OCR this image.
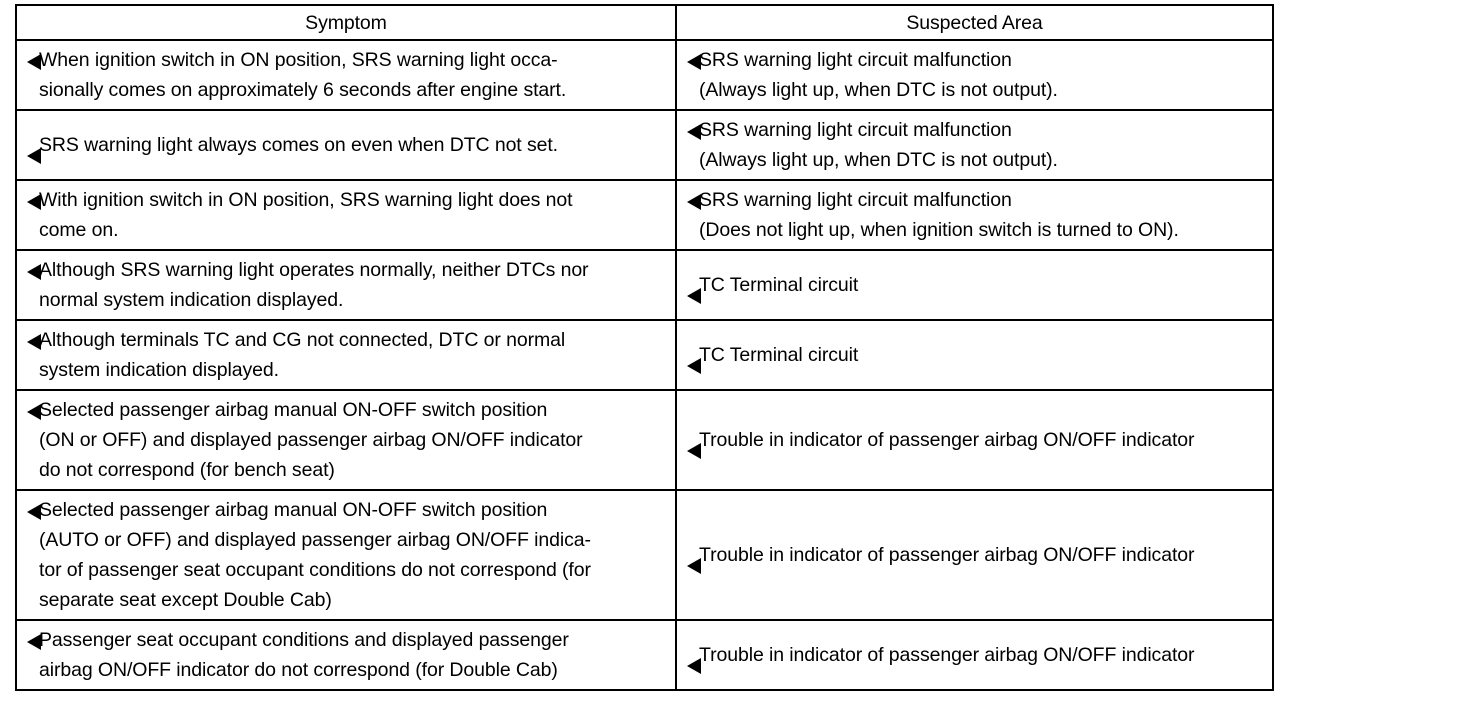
Symptom	Suspected Area

When ignition switch in ON position, SRS warning light occa-
sionally comes on approximately 6 seconds after engine start.	SRS warning light circuit malfunction
(Always light up, when DTC is not output).

SRS warning light always comes on even when DTC not set.	SRS warning light circuit malfunction
(Always light up, when DTC is not output).

With ignition switch in ON position, SRS warning light does not
come on.	SRS warning light circuit malfunction
(Does not light up, when ignition switch is turned to ON).

Although SRS warning light operates normally, neither DTCs nor
normal system indication displayed.	TC Terminal circuit

Although terminals TC and CG not connected, DTC or normal
system indication displayed.	TC Terminal circuit

Selected passenger airbag manual ON-OFF switch position
(ON or OFF) and displayed passenger airbag ON/OFF indicator
do not correspond (for bench seat)	Trouble in indicator of passenger airbag ON/OFF indicator

Selected passenger airbag manual ON-OFF switch position
(AUTO or OFF) and displayed passenger airbag ON/OFF indica-
tor of passenger seat occupant conditions do not correspond (for
separate seat except Double Cab)	Trouble in indicator of passenger airbag ON/OFF indicator

Passenger seat occupant conditions and displayed passenger
airbag ON/OFF indicator do not correspond (for Double Cab)	Trouble in indicator of passenger airbag ON/OFF indicator
